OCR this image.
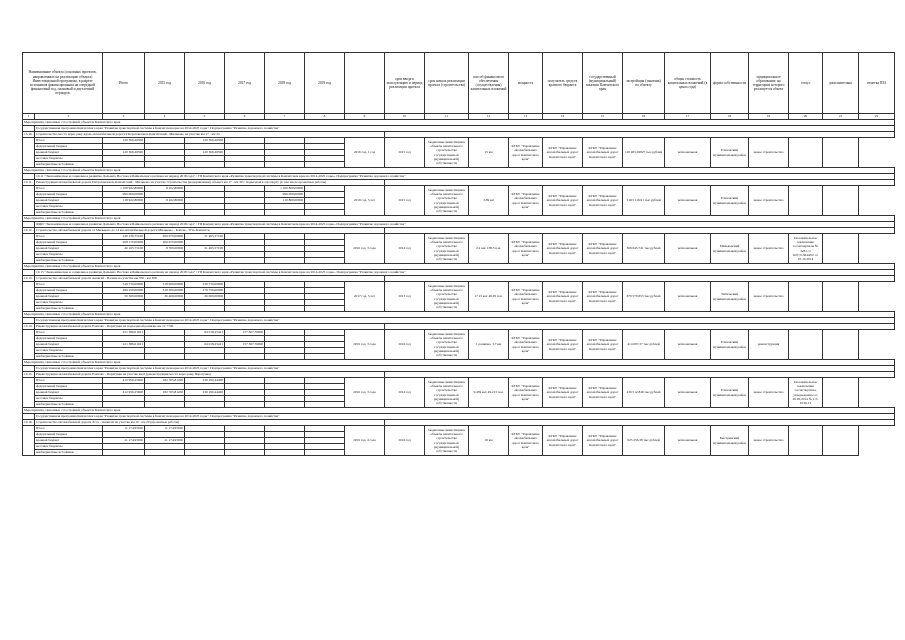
Наименование объекта (основных проектов, направленных на реализацию объекта) Инвестиционной программы, в разрезе источников финансирования на очередной финансовый год, плановый и двухлетний периодов		Итого	2015 год	2016 год	2017 год	2018 год	2019 год		срок ввода в эксплуатацию и период реализации проекта	срок начала реализации проекта (строительства)	способ финансового обеспечения (осуществления) капитальных вложений	мощность	получатель средств краевого бюджета	государственный (муниципальный) заказчик Камчатского края	застройщик (заказчик) по объекту	общая стоимость капитальных вложений (в ценах года)	форма собственности	муниципальное образование, на территории которого реализуется объект	статус	дополнительно	отметка ПЗЗ
1	2	3	4	5	6	7	8	9	10	11	12	13	14	15	16	17	18	19	20	21	22
Мероприятия, связанные с постройкой объектов Камчатского края																					
	Государственная программа Камчатского края "Развитие транспортной системы в Камчатском крае на 2014-2025 годы". Подпрограмма "Развитие дорожного хозяйства"																				
13.10.	Строительство моста через реку вдоль автомобильной дороги Петропавловск-Камчатский - Мильково на участке км 17 - км 24																				
	Итого	120 306,26500		120 306,26500				2016 год, 1 год	2015 год	бюджетные инвестиции в объекты капитального строительства государственной (муниципальной) собственности	15 км	КГКУ "Управление автомобильных дорог Камчатского края"	КГКУ "Управление автомобильных дорог Камчатского края"	КГКУ "Управление автомобильных дорог Камчатского края"	120 405,02827 тыс.рублей	региональная	Елизовский муниципальный район	новое строительство			
	федеральный бюджет																				
	краевой бюджет	120 306,26500		120 306,26500																	
	местные бюджеты																				
	внебюджетные источники																				
Мероприятия, связанные с постройкой объектов Камчатского края																					
	10.11 "Экономическое и социальное развитие Дальнего Востока и Байкальского региона на период 2018 года" / ГП Камчатского края «Развитие транспортной системы в Камчатском крае на 2014-2025 годы». Подпрограмма "Развитие дорожного хозяйства"																				
10.11.	Реконструкция автомобильной дороги Петропавловск-Камчатский - Мильково на участке строительства (модернизации) объекта км 17 - км 30 с подъездом к аэропорту (в том числе проектные работы)																				
	Итого	1 108 922,80000	8 102,80000			1 100 800,00000		2019 год, 5 лет	2015 год	бюджетные инвестиции в объекты капитального строительства государственной (муниципальной) собственности	3,89 км	КГКУ "Управление автомобильных дорог Камчатского края"	КГКУ "Управление автомобильных дорог Камчатского края"	КГКУ "Управление автомобильных дорог Камчатского края"	3 403 116,91 тыс.рублей	региональная	Елизовский муниципальный район	новое строительство			
	федеральный бюджет	990 000,00000				990 000,00000															
	краевой бюджет	118 922,80000	8 102,80000			110 800,00000															
	местные бюджеты																				
	внебюджетные источники																				
Мероприятия, связанные с постройкой объектов Камчатского края																					
	ФЦП "Экономическое и социальное развитие Дальнего Востока и Байкальского региона на период 2018 года" / ГП Камчатского края «Развитие транспортной системы в Камчатском крае на 2014-2025 годы». Подпрограмма "Развитие дорожного хозяйства"																				
10.12.	Строительство автомобильной дороги от Мильково до 14 км автомобильной дороги Мильково - Ключи - Усть-Камчатск																				
	Итого	240 236,75100	206 070,00000	31 465,57100				2016 год, 3 года	2014 год	бюджетные инвестиции в объекты капитального строительства государственной (муниципальной) собственности	2,2 км/ 138,5 п.м.	КГКУ "Управление автомобильных дорог Камчатского края"	КГКУ "Управление автомобильных дорог Камчатского края"	КГКУ "Управление автомобильных дорог Камчатского края"	306 645,741 тыс.рублей	региональная	Мильковский муниципальный район	новое строительство	Положительное заключение госэкспертизы № 3261-1/КГГЭ-3644/02 от 07.10.2014		
	федеральный бюджет	208 170,00000	206 070,00000																		
	краевой бюджет	40 165,75100	8 700,00000	31 465,57100																	
	местные бюджеты																				
	внебюджетные источники																				
Мероприятия, связанные с постройкой объектов Камчатского края																					
	10.13 "Экономическое и социальное развитие Дальнего Востока и Байкальского региона на период 2018 года" / ГП Камчатского края «Развитие транспортной системы в Камчатском крае на 2014-2025 годы». Подпрограмма "Развитие дорожного хозяйства"																				
10.13.	Строительство автомобильной дороги Анавгай - Палана на участке км 350 - км 368																				
	Итого	549 730,00000	318 900,00000	230 730,00000				2017 год, 5 лет	2013 год	бюджетные инвестиции в объекты капитального строительства государственной (муниципальной) собственности	17,15 км/ 49,05 п.м.	КГКУ "Управление автомобильных дорог Камчатского края"	КГКУ "Управление автомобильных дорог Камчатского края"	КГКУ "Управление автомобильных дорог Камчатского края"	679 570,653 тыс.рублей	региональная	Тигильский муниципальный район	новое строительство			
	федеральный бюджет	499 250,00000	318 500,00000	176 750,00000																	
	краевой бюджет	50 500,00000	30 400,00000	20 000,00000																	
	местные бюджеты																				
	внебюджетные источники																				
Мероприятия, связанные с постройкой объектов Камчатского края																					
	Государственная программа Камчатского края "Развитие транспортной системы в Камчатском крае на 2014-2025 годы". Подпрограмма "Развитие дорожного хозяйства"																				
10.14.	Реконструкция автомобильной дороги Елизово - Паратунка на подъездной развязке км 12 +700																				
	Итого	221 386,01021		64 018,25421	157 367,76000			2019 год, 3 года	2016 год	бюджетные инвестиции в объекты капитального строительства государственной (муниципальной) собственности	1 развязка, 3,7 км	КГКУ "Управление автомобильных дорог Камчатского края"	КГКУ "Управление автомобильных дорог Камчатского края"	КГКУ "Управление автомобильных дорог Камчатского края"	414 097,37 тыс.рублей	региональная	Елизовский муниципальный район	реконструкция			
	федеральный бюджет																				
	краевой бюджет	221 386,01021		64 018,25421	157 367,76000																
	местные бюджеты																				
	внебюджетные источники																				
Мероприятия, связанные с постройкой объектов Камчатского края																					
	Государственная программа Камчатского края "Развитие транспортной системы в Камчатском крае на 2014-2025 годы". Подпрограмма "Развитие дорожного хозяйства"																				
10.15.	Реконструкция автомобильной дороги Елизово - Паратунка на участке км 6 (реконструкция моста через реку Паратунка)																				
	Итого	412 956,25600	182 765,81200	230 190,44400				2016 год, 3 года	2014 год	бюджетные инвестиции в объекты капитального строительства государственной (муниципальной) собственности	0,439 км/ 49,213 п.м.	КГКУ "Управление автомобильных дорог Камчатского края"	КГКУ "Управление автомобильных дорог Камчатского края"	КГКУ "Управление автомобильных дорог Камчатского края"	436 512,846 тыс.рублей	региональная	Елизовский муниципальный район	новое строительство	Положительное заключение госэкспертизы, утвержденное от 20.05.2014 № 1-5-0136-13		
	федеральный бюджет																				
	краевой бюджет	412 956,25600	182 765,81200	230 190,44400																	
	местные бюджеты																				
	внебюджетные источники																				
Мероприятия, связанные с постройкой объектов Камчатского края																					
	Государственная программа Камчатского края "Развитие транспортной системы в Камчатском крае на 2014-2025 годы". Подпрограмма "Развитие дорожного хозяйства"																				
10.16.	Строительство автомобильной дороги Эссо - Анавгай на участке км 10 - км 20 (проектные работы)																				
	Итого	11 174,95920	11 174,95920					2019 год, 4 года	2016 год	бюджетные инвестиции в объекты капитального строительства государственной (муниципальной) собственности	10 км	КГКУ "Управление автомобильных дорог Камчатского края"	КГКУ "Управление автомобильных дорог Камчатского края"	КГКУ "Управление автомобильных дорог Камчатского края"	625 256,38 тыс.рублей	региональная	Быстринский муниципальный район	новое строительство			
	федеральный бюджет																				
	краевой бюджет	11 174,95920	11 174,95920																		
	местные бюджеты																				
	внебюджетные источники																				
